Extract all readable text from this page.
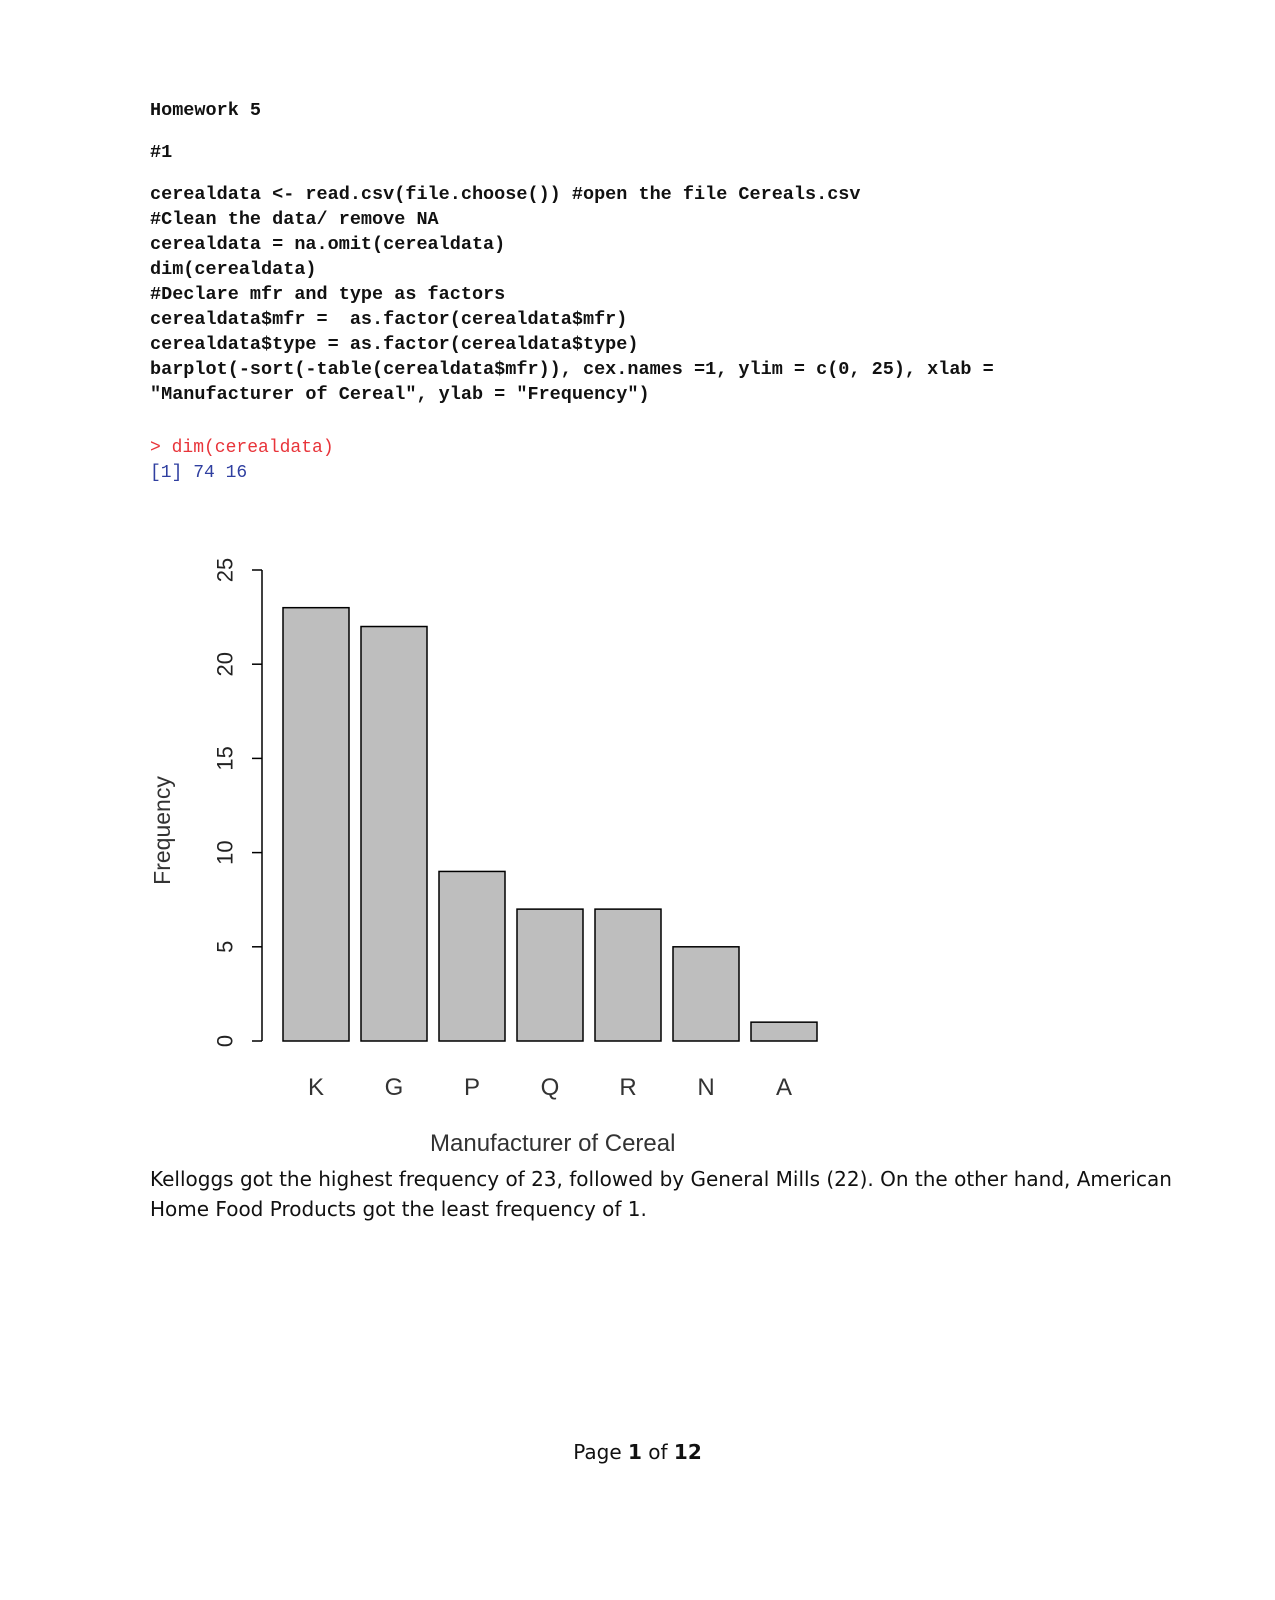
Homework 5
#1
cerealdata <- read.csv(file.choose()) #open the file Cereals.csv
#Clean the data/ remove NA
cerealdata = na.omit(cerealdata)
dim(cerealdata)
#Declare mfr and type as factors
cerealdata$mfr =  as.factor(cerealdata$mfr)
cerealdata$type = as.factor(cerealdata$type)
barplot(-sort(-table(cerealdata$mfr)), cex.names =1, ylim = c(0, 25), xlab =
"Manufacturer of Cereal", ylab = "Frequency")
> dim(cerealdata)
[1] 74 16
0
5
10
15
20
25
Frequency
K	G	P	Q R	N	A
Kelloggs got the highest frequency of 23, followed by General Mills (22). On the other hand, American
Home Food Products got the least frequency of 1.
Page 1 of 12
Manufacturer of Cereal
